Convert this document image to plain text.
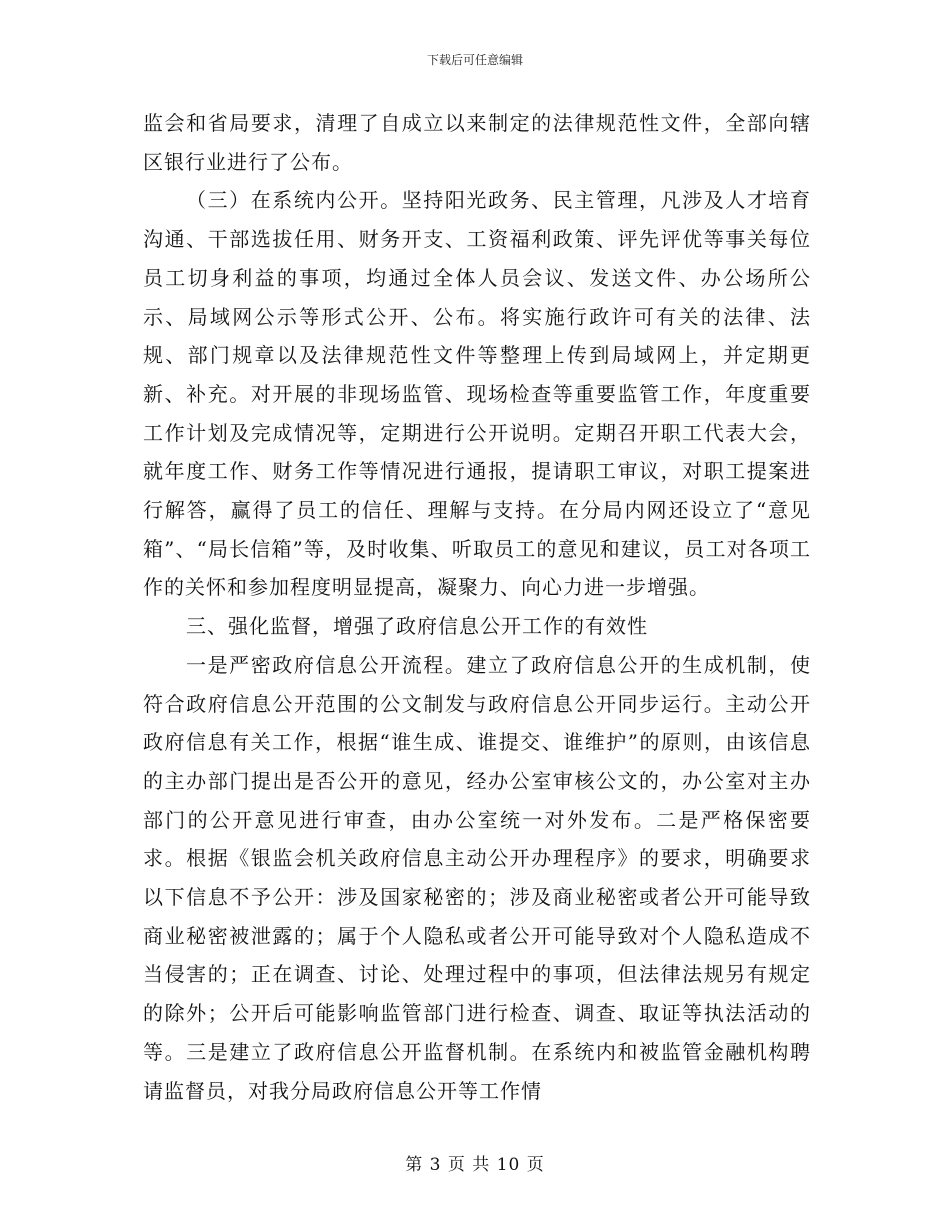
下载后可任意编辑

监会和省局要求，清理了自成立以来制定的法律规范性文件，全部向辖区银行业进行了公布。

（三）在系统内公开。坚持阳光政务、民主管理，凡涉及人才培育沟通、干部选拔任用、财务开支、工资福利政策、评先评优等事关每位员工切身利益的事项，均通过全体人员会议、发送文件、办公场所公示、局域网公示等形式公开、公布。将实施行政许可有关的法律、法规、部门规章以及法律规范性文件等整理上传到局域网上，并定期更新、补充。对开展的非现场监管、现场检查等重要监管工作，年度重要工作计划及完成情况等，定期进行公开说明。定期召开职工代表大会，就年度工作、财务工作等情况进行通报，提请职工审议，对职工提案进行解答，赢得了员工的信任、理解与支持。在分局内网还设立了“意见箱”、“局长信箱”等，及时收集、听取员工的意见和建议，员工对各项工作的关怀和参加程度明显提高，凝聚力、向心力进一步增强。

三、强化监督，增强了政府信息公开工作的有效性

一是严密政府信息公开流程。建立了政府信息公开的生成机制，使符合政府信息公开范围的公文制发与政府信息公开同步运行。主动公开政府信息有关工作，根据“谁生成、谁提交、谁维护”的原则，由该信息的主办部门提出是否公开的意见，经办公室审核公文的，办公室对主办部门的公开意见进行审查，由办公室统一对外发布。二是严格保密要求。根据《银监会机关政府信息主动公开办理程序》的要求，明确要求以下信息不予公开：涉及国家秘密的；涉及商业秘密或者公开可能导致商业秘密被泄露的；属于个人隐私或者公开可能导致对个人隐私造成不当侵害的；正在调查、讨论、处理过程中的事项，但法律法规另有规定的除外；公开后可能影响监管部门进行检查、调查、取证等执法活动的等。三是建立了政府信息公开监督机制。在系统内和被监管金融机构聘请监督员，对我分局政府信息公开等工作情

第 3 页 共 10 页
